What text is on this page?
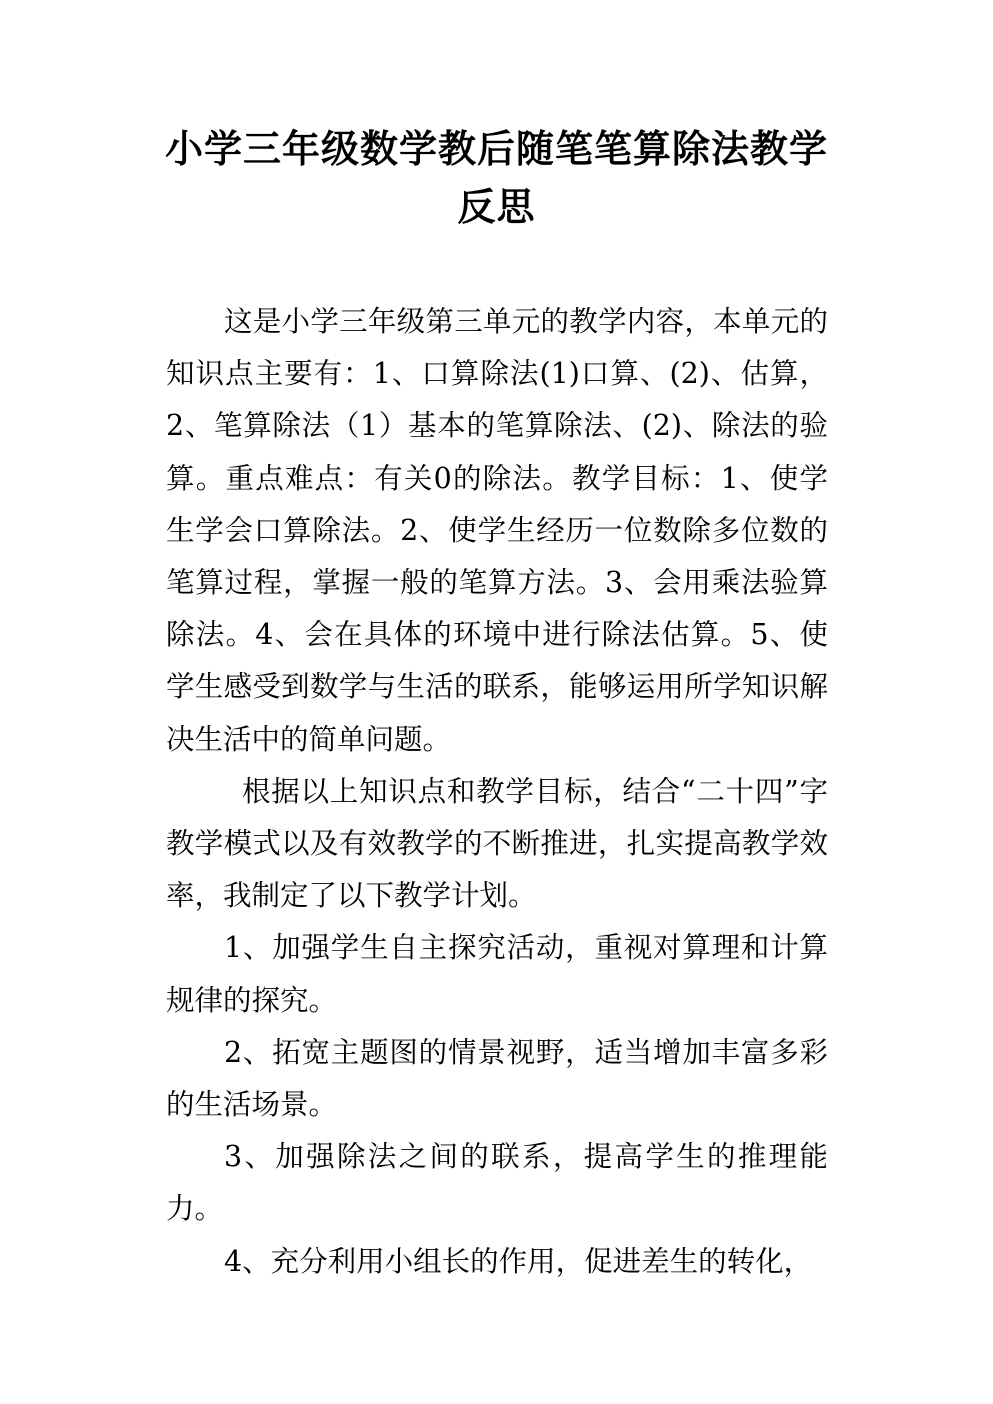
小学三年级数学教后随笔笔算除法教学反思

这是小学三年级第三单元的教学内容，本单元的知识点主要有：1、口算除法(1)口算、(2)、估算，2、笔算除法（1）基本的笔算除法、(2)、除法的验算。重点难点：有关0的除法。教学目标：1、使学生学会口算除法。2、使学生经历一位数除多位数的笔算过程，掌握一般的笔算方法。3、会用乘法验算除法。4、会在具体的环境中进行除法估算。5、使学生感受到数学与生活的联系，能够运用所学知识解决生活中的简单问题。

根据以上知识点和教学目标，结合“二十四”字教学模式以及有效教学的不断推进，扎实提高教学效率，我制定了以下教学计划。

1、加强学生自主探究活动，重视对算理和计算规律的探究。

2、拓宽主题图的情景视野，适当增加丰富多彩的生活场景。

3、加强除法之间的联系，提高学生的推理能力。

4、充分利用小组长的作用，促进差生的转化，
